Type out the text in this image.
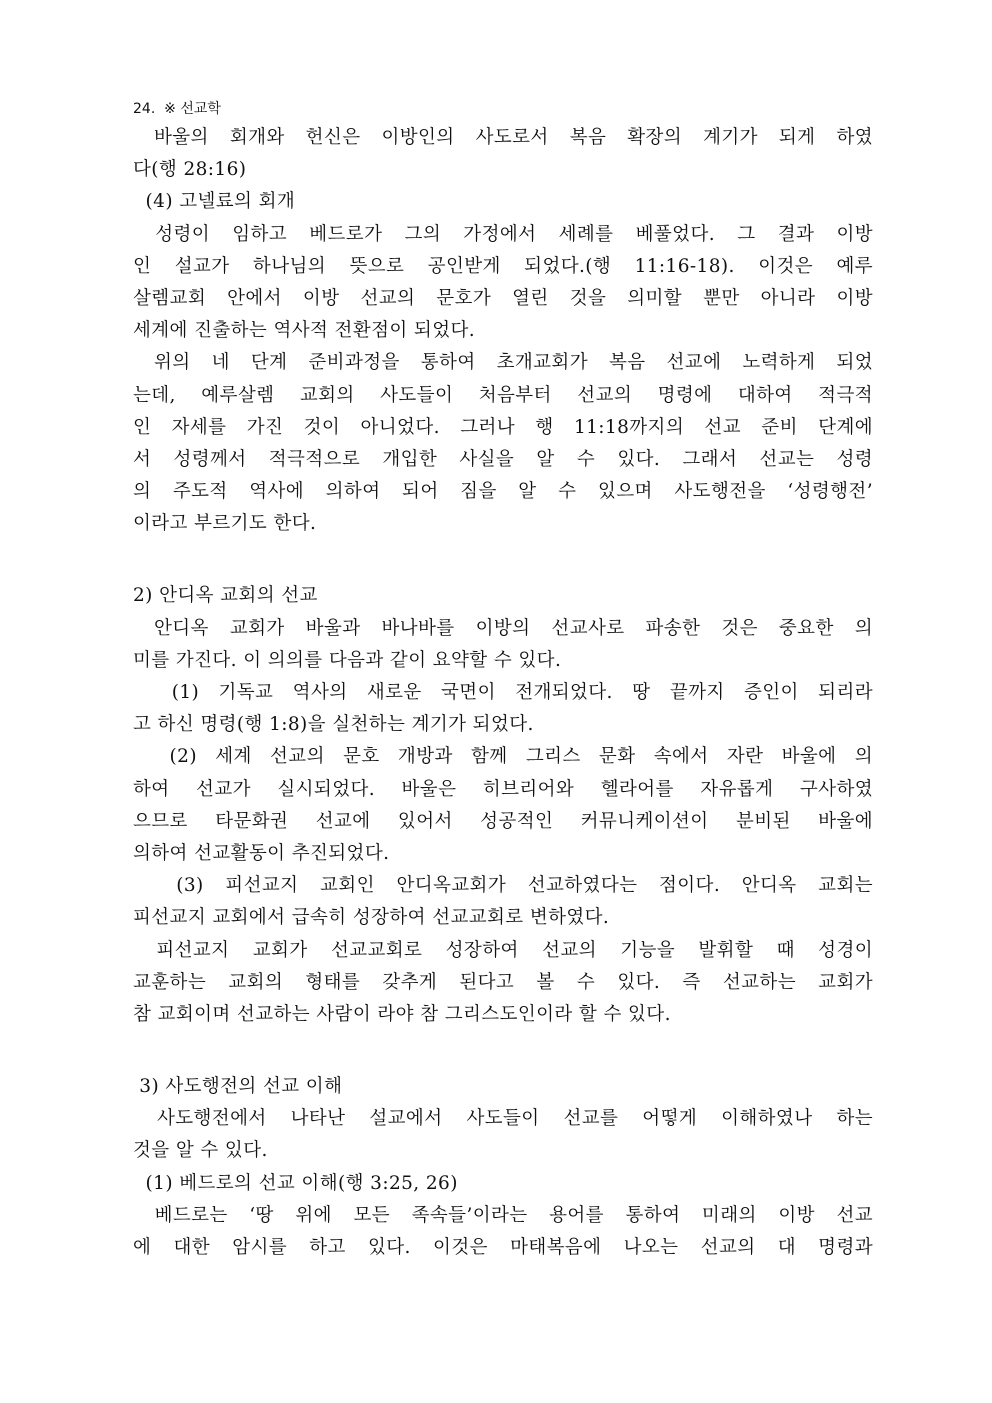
24. ※ 선교학
바울의 회개와 헌신은 이방인의 사도로서 복음 확장의 계기가 되게 하였
다(행 28:16)
(4) 고넬료의 회개
성령이 임하고 베드로가 그의 가정에서 세례를 베풀었다. 그 결과 이방
인 설교가 하나님의 뜻으로 공인받게 되었다.(행 11:16-18). 이것은 예루
살렘교회 안에서 이방 선교의 문호가 열린 것을 의미할 뿐만 아니라 이방
세계에 진출하는 역사적 전환점이 되었다.
위의 네 단계 준비과정을 통하여 초개교회가 복음 선교에 노력하게 되었
는데, 예루살렘 교회의 사도들이 처음부터 선교의 명령에 대하여 적극적
인 자세를 가진 것이 아니었다. 그러나 행 11:18까지의 선교 준비 단계에
서 성령께서 적극적으로 개입한 사실을 알 수 있다. 그래서 선교는 성령
의 주도적 역사에 의하여 되어 짐을 알 수 있으며 사도행전을 ‘성령행전’
이라고 부르기도 한다.
2) 안디옥 교회의 선교
안디옥 교회가 바울과 바나바를 이방의 선교사로 파송한 것은 중요한 의
미를 가진다. 이 의의를 다음과 같이 요약할 수 있다.
(1) 기독교 역사의 새로운 국면이 전개되었다. 땅 끝까지 증인이 되리라
고 하신 명령(행 1:8)을 실천하는 계기가 되었다.
(2) 세계 선교의 문호 개방과 함께 그리스 문화 속에서 자란 바울에 의
하여 선교가 실시되었다. 바울은 히브리어와 헬라어를 자유롭게 구사하였
으므로 타문화권 선교에 있어서 성공적인 커뮤니케이션이 분비된 바울에
의하여 선교활동이 추진되었다.
(3) 피선교지 교회인 안디옥교회가 선교하였다는 점이다. 안디옥 교회는
피선교지 교회에서 급속히 성장하여 선교교회로 변하였다.
피선교지 교회가 선교교회로 성장하여 선교의 기능을 발휘할 때 성경이
교훈하는 교회의 형태를 갖추게 된다고 볼 수 있다. 즉 선교하는 교회가
참 교회이며 선교하는 사람이 라야 참 그리스도인이라 할 수 있다.
3) 사도행전의 선교 이해
사도행전에서 나타난 설교에서 사도들이 선교를 어떻게 이해하였나 하는
것을 알 수 있다.
(1) 베드로의 선교 이해(행 3:25, 26)
베드로는 ‘땅 위에 모든 족속들’이라는 용어를 통하여 미래의 이방 선교
에 대한 암시를 하고 있다. 이것은 마태복음에 나오는 선교의 대 명령과
